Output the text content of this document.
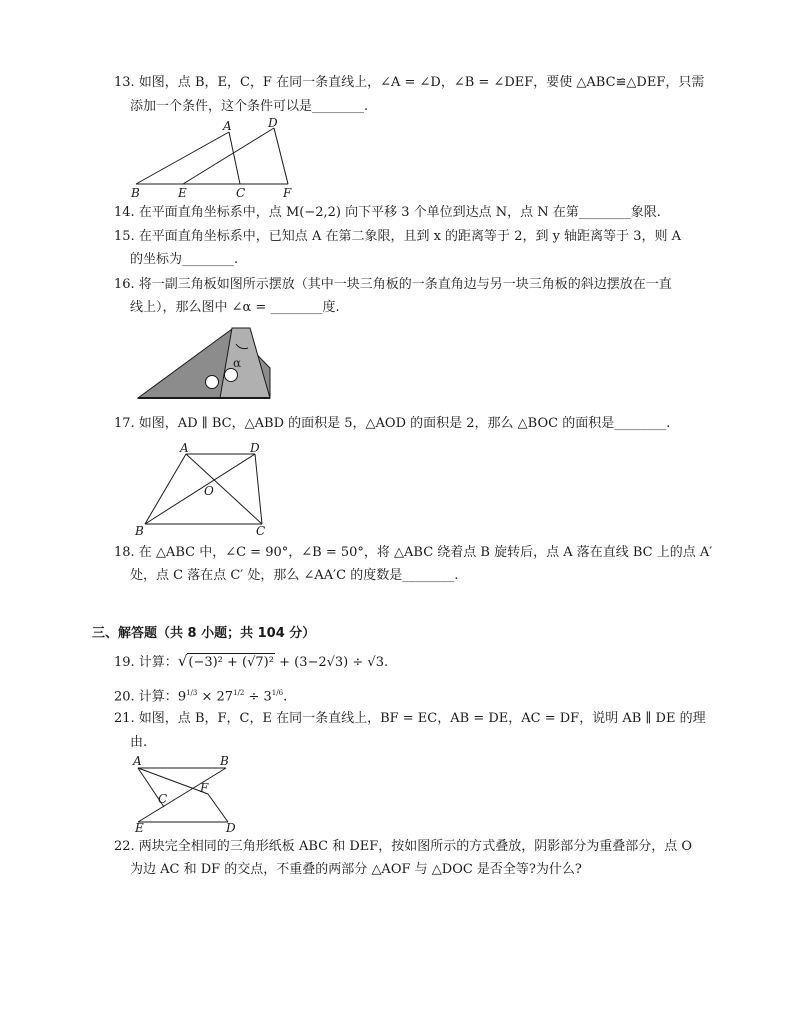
13. 如图，点 B，E，C，F 在同一条直线上，∠A = ∠D，∠B = ∠DEF，要使 △ABC≌△DEF，只需
添加一个条件，这个条件可以是________.
A	D
B	E	C	F
14. 在平面直角坐标系中，点 M(−2,2) 向下平移 3 个单位到达点 N，点 N 在第________象限.
15. 在平面直角坐标系中，已知点 A 在第二象限，且到 x 的距离等于 2，到 y 轴距离等于 3，则 A
的坐标为________.
16. 将一副三角板如图所示摆放（其中一块三角板的一条直角边与另一块三角板的斜边摆放在一直
线上），那么图中 ∠α = ________度.
α
17. 如图，AD ∥ BC，△ABD 的面积是 5，△AOD 的面积是 2，那么 △BOC 的面积是________.
A	D
O
B	C
18. 在 △ABC 中，∠C = 90°，∠B = 50°，将 △ABC 绕着点 B 旋转后，点 A 落在直线 BC 上的点 A′
处，点 C 落在点 C′ 处，那么 ∠AA′C 的度数是________.
三、解答题（共 8 小题；共 104 分）
19. 计算：√(−3)² + (√7)² + (3−2√3) ÷ √3.
20. 计算：$9^{1/3} \times 27^{1/2} \div 3^{1/6}$.
21. 如图，点 B，F，C，E 在同一条直线上，BF = EC，AB = DE，AC = DF，说明 AB ∥ DE 的理
由.
A	B
C
F
E	D
22. 两块完全相同的三角形纸板 ABC 和 DEF，按如图所示的方式叠放，阴影部分为重叠部分，点 O
为边 AC 和 DF 的交点，不重叠的两部分 △AOF 与 △DOC 是否全等?为什么?
